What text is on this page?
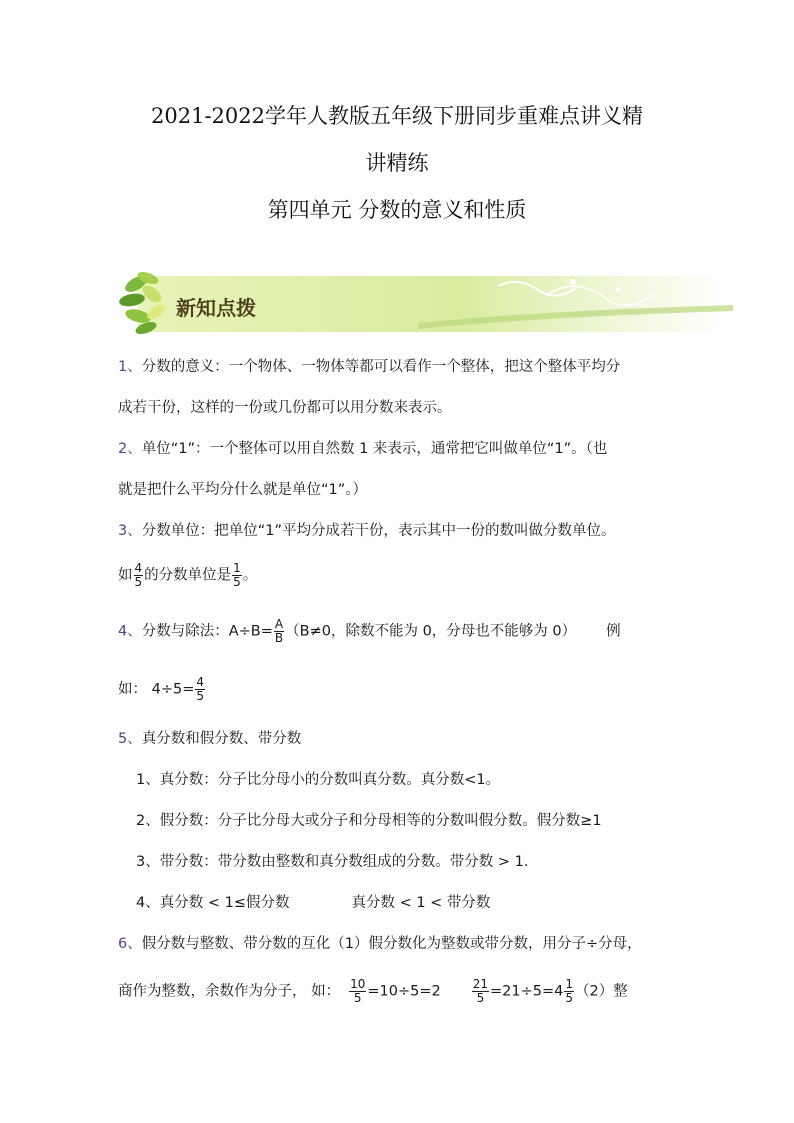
2021-2022学年人教版五年级下册同步重难点讲义精
讲精练
第四单元 分数的意义和性质
新知点拨
1、分数的意义：一个物体、一物体等都可以看作一个整体，把这个整体平均分
成若干份，这样的一份或几份都可以用分数来表示。
2、单位“1”：一个整体可以用自然数 1 来表示，通常把它叫做单位“1”。（也
就是把什么平均分什么就是单位“1”。）
3、分数单位：把单位“1”平均分成若干份，表示其中一份的数叫做分数单位。
如 $\frac{4}{5}$ 的分数单位是 $\frac{1}{5}$ 。
4、分数与除法：$A\div B= \frac{A}{B} (B\ne 0$，除数不能为 0，分母也不能够为 0） 例
如： $4\div 5= \frac{4}{5}$
5、真分数和假分数、带分数
1、真分数：分子比分母小的分数叫真分数。真分数<1。
2、假分数：分子比分母大或分子和分母相等的分数叫假分数。假分数≥1
3、带分数：带分数由整数和真分数组成的分数。带分数 > 1.
4、真分数 < 1≤假分数	真分数 < 1 < 带分数
6、假分数与整数、带分数的互化（1）假分数化为整数或带分数，用分子÷分母，
商作为整数，余数作为分子， 如： $\frac{10}{5} =10\div 5=2$	$\frac{21}{5} =21\div 5=4 \frac{1}{5} (2)$整
